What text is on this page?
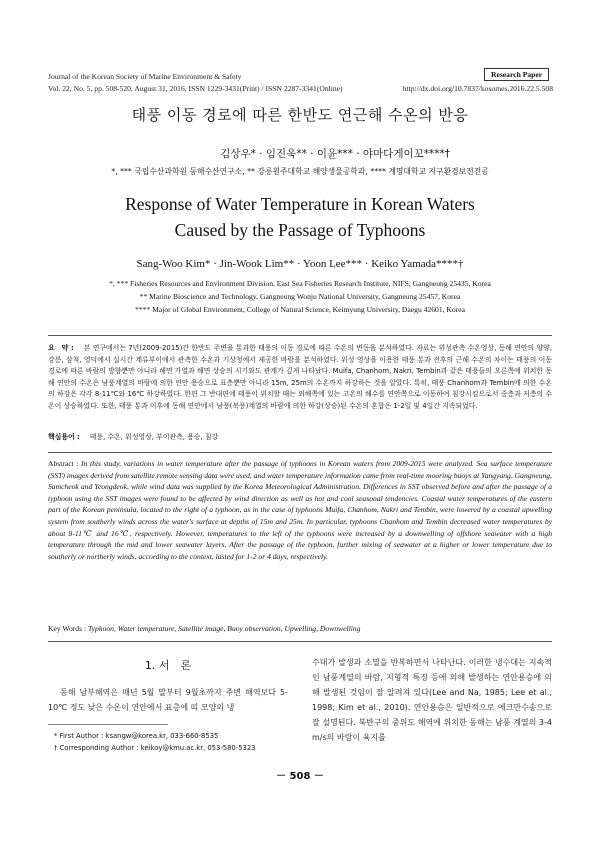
Journal of the Korean Society of Marine Environment & Safety	Research Paper
Vol. 22, No. 5, pp. 508-520, August 31, 2016, ISSN 1229-3431(Print) / ISSN 2287-3341(Online)	http://dx.doi.org/10.7837/kosomes.2016.22.5.508
태풍 이동 경로에 따른 한반도 연근해 수온의 반응
김상우* · 임진욱** · 이윤*** · 야마다게이꼬****†
*, *** 국립수산과학원 동해수산연구소, ** 강릉원주대학교 해양생물공학과, **** 계명대학교 지구환경보전전공
Response of Water Temperature in Korean Waters
Caused by the Passage of Typhoons
Sang-Woo Kim* · Jin-Wook Lim** · Yoon Lee*** · Keiko Yamada****†
*, *** Fisheries Resources and Environment Division, East Sea Fisheries Research Institute, NIFS, Gangneung 25435, Korea
** Marine Bioscience and Technology, Gangneung Wonju National University, Gangneung 25457, Korea
**** Major of Global Environment, College of Natural Science, Keimyung University, Daegu 42601, Korea
요　약 : 본 연구에서는 7년(2009-2015)간 한반도 주변을 통과한 태풍의 이동 경로에 따른 수온의 변동을 분석하였다. 자료는 위성관측 수온영상, 동해 연안의 양양, 강릉, 삼척, 영덕에서 실시간 계류부이에서 관측한 수온과 기상청에서 제공한 바람을 분석하였다. 위성 영상을 이용한 태풍 통과 전후의 근해 수온의 차이는 태풍의 이동 경로에 따른 바람의 방향뿐만 아니라 해면 가열과 해면 상승의 시기와도 관계가 깊게 나타났다. Muifa, Chanhom, Nakri, Tembin과 같은 태풍들의 오른쪽에 위치한 동해 연안의 수온은 남풍계열의 바람에 의한 연안 용승으로 표층뿐만 아니라 15m, 25m의 수온까지 하강하는 것을 알았다. 특히, 태풍 Chanhom과 Tembin에 의한 수온의 하강은 각각 8-11℃와 16℃ 하강하였다. 한편 그 반대편에 태풍이 위치할 때는 외해쪽에 있는 고온의 해수를 연안쪽으로 이동하여 침강시킴으로서 중층과 저층의 수온이 상승하였다. 또한, 태풍 통과 이후에 동해 연안에서 남풍(북풍)계열의 바람에 의한 하강(상승)된 수온의 혼합은 1-2일 및 4일간 지속되었다.
핵심용어 : 태풍, 수온, 위성영상, 부이관측, 용승, 침강
Abstract : In this study, variations in water temperature after the passage of typhoons in Korean waters from 2009-2015 were analyzed. Sea surface temperature (SST) images derived from satellite remote sensing data were used, and water temperature information came from real-time mooring buoys at Yangyang, Gangneung, Samcheok and Yeongdeok, while wind data was supplied by the Korea Meteorological Administration. Differences in SST observed before and after the passage of a typhoon using the SST images were found to be affected by wind direction as well as hot and cool seasonal tendencies. Coastal water temperatures of the eastern part of the Korean peninsula, located to the right of a typhoon, as in the case of typhoons Muifa, Chanhom, Nakri and Tembin, were lowered by a coastal upwelling system from southerly winds across the water's surface at depths of 15m and 25m. In particular, typhoons Chanhom and Tembin decreased water temperatures by about 8-11℃ and 16℃, respectively. However, temperatures to the left of the typhoons were increased by a downwelling of offshore seawater with a high temperature through the mid and lower seawater layers. After the passage of the typhoon, further mixing of seawater at a higher or lower temperature due to southerly or northerly winds, according to the context, lasted for 1-2 or 4 days, respectively.
Key Words : Typhoon, Water temperature, Satellite image, Buoy observation, Upwelling, Downwelling
1. 서　론
동해 남부해역은 매년 5월 말부터 9월초까지 주변 해역보다 5-10℃ 정도 낮은 수온이 연안에서 표층에 띠 모양의 냉
수대가 발생과 소멸을 반복하면서 나타난다. 이러한 냉수대는 지속적인 남풍계열의 바람, 지형적 특징 등에 의해 발생하는 연안용승에 의해 발생된 것임이 잘 알려져 있다(Lee and Na, 1985; Lee et al., 1998; Kim et al., 2010). 연안용승은 일반적으로 에크만수송으로 잘 설명된다. 북반구의 중위도 해역에 위치한 동해는 남풍 계열의 3-4 m/s의 바람이 육지를
* First Author : ksangw@korea.kr, 033-660-8535
† Corresponding Author : keikoy@kmu.ac.kr, 053-580-5323
－ 508 －
